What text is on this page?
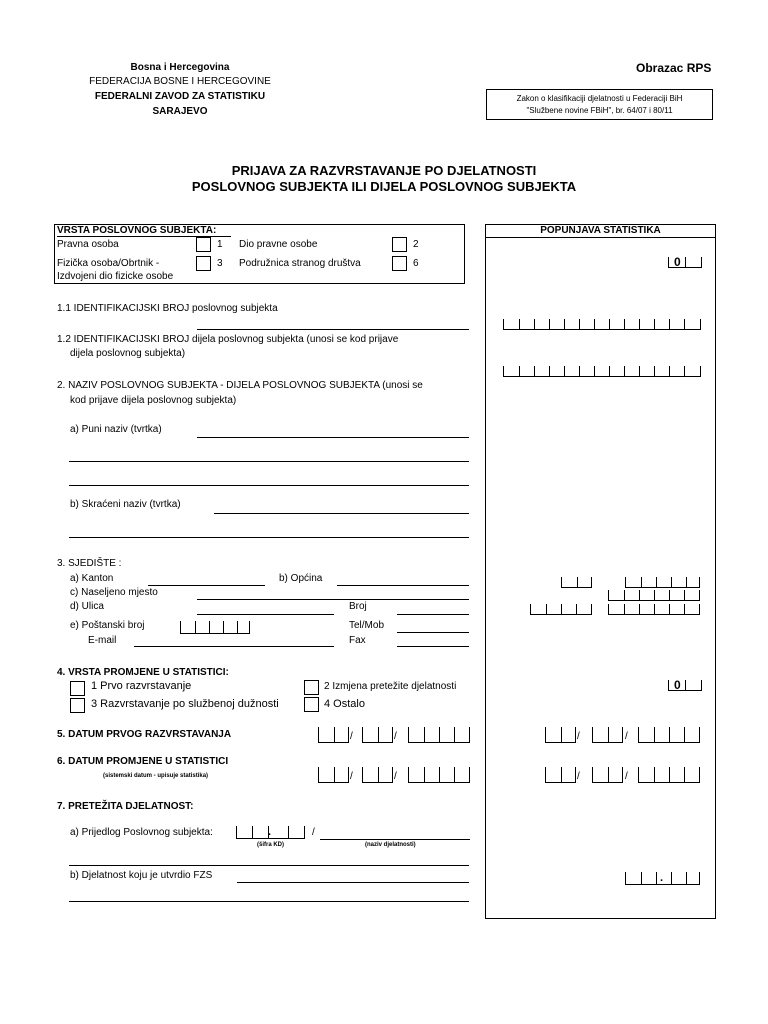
Bosna i Hercegovina
FEDERACIJA BOSNE I HERCEGOVINE
FEDERALNI ZAVOD ZA STATISTIKU
SARAJEVO
Obrazac RPS
Zakon o klasifikaciji djelatnosti u Federaciji BiH
"Službene novine FBiH", br. 64/07 i 80/11
PRIJAVA ZA RAZVRSTAVANJE PO DJELATNOSTI
POSLOVNOG SUBJEKTA ILI DIJELA POSLOVNOG SUBJEKTA
VRSTA POSLOVNOG SUBJEKTA:
Pravna osoba	1 Dio pravne osobe	2
Fizička osoba/Obrtnik -
Izdvojeni dio fizicke osobe
3 Podružnica stranog društva	6
POPUNJAVA STATISTIKA
0
1.1 IDENTIFIKACIJSKI BROJ poslovnog subjekta
1.2 IDENTIFIKACIJSKI BROJ dijela poslovnog subjekta (unosi se kod prijave
dijela poslovnog subjekta)
2. NAZIV POSLOVNOG SUBJEKTA - DIJELA POSLOVNOG SUBJEKTA (unosi se
kod prijave dijela poslovnog subjekta)
a) Puni naziv (tvrtka)
b) Skraćeni naziv (tvrtka)
3. SJEDIŠTE :
a) Kanton	b) Općina
c) Naseljeno mjesto
d) Ulica	Broj
e) Poštanski broj	Tel/Mob
E-mail	Fax
4. VRSTA PROMJENE U STATISTICI:
1 Prvo razvrstavanje	2 Izmjena pretežite djelatnosti
3 Razvrstavanje po službenoj dužnosti	4 Ostalo
0
5. DATUM PRVOG RAZVRSTAVANJA	/	/	/	/
6. DATUM PROMJENE U STATISTICI
(sistemski datum - upisuje statistika)	/	/	/	/
7. PRETEŽITA DJELATNOST:
a) Prijedlog Poslovnog subjekta:	.	/
(šifra KD)	(naziv djelatnosti)
b) Djelatnost koju je utvrdio FZS	.
